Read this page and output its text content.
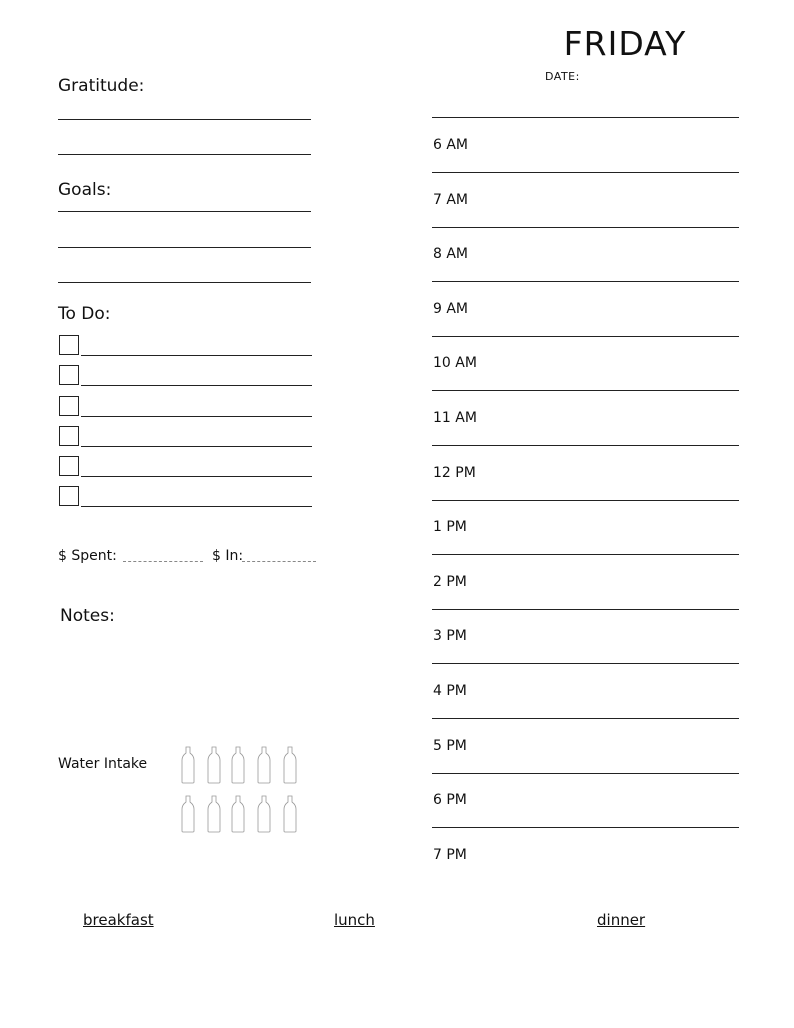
FRIDAY
DATE:
Gratitude:
Goals:
To Do:
$ Spent:	$ In:
Notes:
Water Intake
6 AM
7 AM
8 AM
9 AM
10 AM
11 AM
12 PM
1 PM
2 PM
3 PM
4 PM
5 PM
6 PM
7 PM
breakfast	lunch	dinner
